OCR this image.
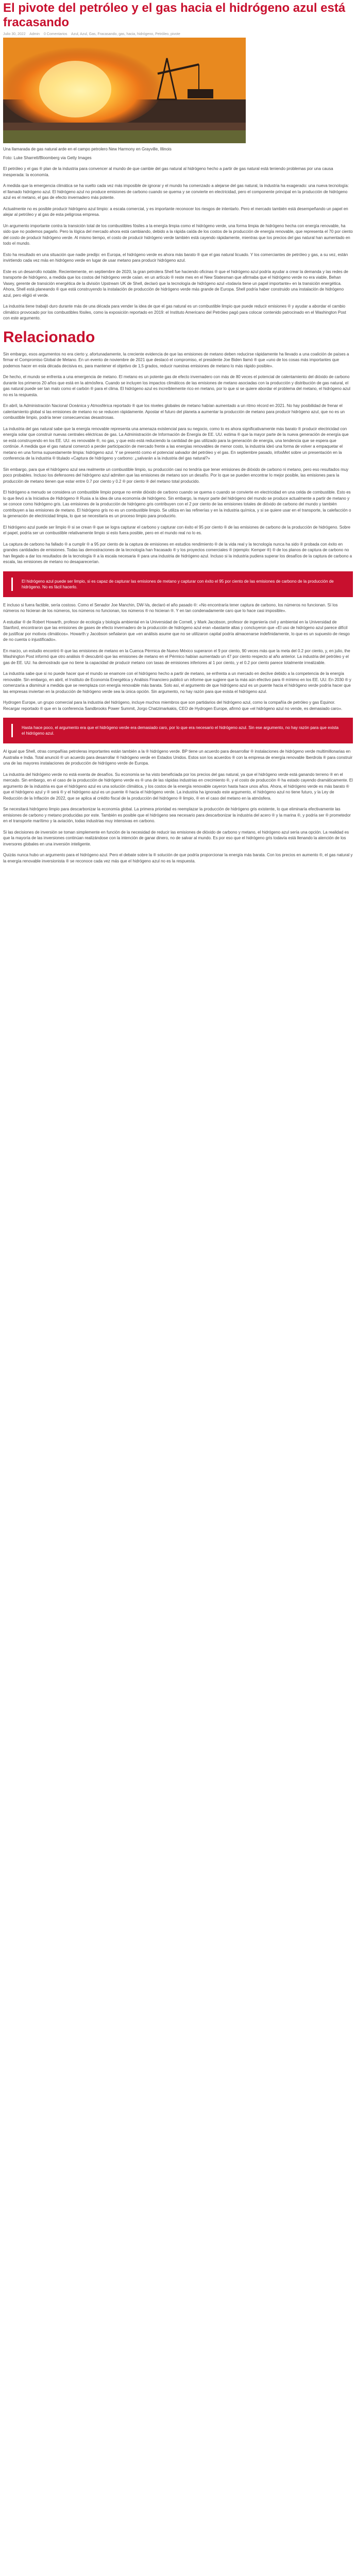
El pivote del petróleo y el gas hacia el hidrógeno azul está fracasando
Julio 30, 2022 Admin 0 Comentarios Azul, Azul, Gas, Fracasando, gas, hacia, hidrógeno, Petróleo, pivote

Una llamarada de gas natural arde en el campo petrolero New Harmony en Grayville, Illinois

Foto: Luke Sharrett/Bloomberg via Getty Images

El petróleo y el gas ® plan de la industria para convencer al mundo de que cambie del gas natural al hidrógeno hecho a partir de gas natural está teniendo problemas por una causa inesperada: la economía.

A medida que la emergencia climática se ha vuelto cada vez más imposible de ignorar y el mundo ha comenzado a alejarse del gas natural, la industria ha exagerado: una nueva tecnología: el llamado hidrógeno azul. El hidrógeno azul no produce emisiones de carbono cuando se quema y se convierte en electricidad, pero el componente principal en la producción de hidrógeno azul es el metano, el gas de efecto invernadero más potente.

Actualmente no es posible producir hidrógeno azul limpio: a escala comercial, y es importante reconocer los riesgos de intentarlo. Pero el mercado también está desempeñando un papel en alejar al petróleo y al gas de esta peligrosa empresa.

Un argumento importante contra la transición total de los combustibles fósiles a la energía limpia como el hidrógeno verde, una forma limpia de hidrógeno hecha con energía renovable, ha sido que no podemos pagarlo. Pero la lógica del mercado ahora está cambiando, debido a la rápida caída de los costos de la producción de energía renovable, que representa el 70 por ciento del costo de producir hidrógeno verde. Al mismo tiempo, el costo de producir hidrógeno verde también está cayendo rápidamente, mientras que los precios del gas natural han aumentado en todo el mundo.

Esto ha resultado en una situación que nadie predijo: en Europa, el hidrógeno verde es ahora más barato ® que el gas natural licuado. Y los comerciantes de petróleo y gas, a su vez, están invirtiendo cada vez más en hidrógeno verde en lugar de usar metano para producir hidrógeno azul.

Este es un desarrollo notable. Recientemente, en septiembre de 2020, la gran petrolera Shell fue haciendo oficinas ® que el hidrógeno azul podría ayudar a crear la demanda y las redes de transporte de hidrógeno, a medida que los costos del hidrógeno verde caían. en un artículo ® reste mes en el New Statesman que afirmaba que el hidrógeno verde no era viable, Behan Vasey, gerente de transición energética de la división Upstream UK de Shell, declaró que la tecnología de hidrógeno azul «todavía tiene un papel importante» en la transición energética. Ahora, Shell está planeando ® que está construyendo la instalación de producción de hidrógeno verde más grande de Europa. Shell podría haber construido una instalación de hidrógeno azul, pero eligió el verde.

La industria tiene trabajó duro durante más de una década para vender la idea de que el gas natural es un combustible limpio que puede reducir emisiones ® y ayudar a abordar el cambio climático provocado por los combustibles fósiles, como la exposición reportado en 2019: el Instituto Americano del Petróleo pagó para colocar contenido patrocinado en el Washington Post con este argumento.

Relacionado

Sin embargo, esos argumentos no era cierto y, afortunadamente, la creciente evidencia de que las emisiones de metano deben reducirse rápidamente ha llevado a una coalición de países a firmar el Compromiso Global de Metano. En un evento de noviembre de 2021 que destacó el compromiso, el presidente Joe Biden llamó ® que «uno de los cosas más importantes que podemos hacer en esta década decisiva es, para mantener el objetivo de 1,5 grados, reducir nuestras emisiones de metano lo más rápido posible».

De hecho, el mundo se enfrenta a una emergencia de metano. El metano es un potente gas de efecto invernadero con más de 80 veces el potencial de calentamiento del dióxido de carbono durante los primeros 20 años que está en la atmósfera. Cuando se incluyen los impactos climáticos de las emisiones de metano asociadas con la producción y distribución de gas natural, el gas natural puede ser tan malo como el carbón ® para el clima. El hidrógeno azul es increíblemente rico en metano, por lo que si se quiere abordar el problema del metano, el hidrógeno azul no es la respuesta.

En abril, la Administración Nacional Oceánica y Atmosférica reportado ® que los niveles globales de metano habían aumentado a un ritmo récord en 2021. No hay posibilidad de frenar el calentamiento global si las emisiones de metano no se reducen rápidamente. Apostar el futuro del planeta a aumentar la producción de metano para producir hidrógeno azul, que no es un combustible limpio, podría tener consecuencias desastrosas.

La industria del gas natural sabe que la energía renovable representa una amenaza existencial para su negocio, como lo es ahora significativamente más barato ® producir electricidad con energía solar que construir nuevas centrales eléctricas de gas. La Administración de Información de Energía de EE. UU. estima ® que la mayor parte de la nueva generación de energía que se está construyendo en los EE. UU. es renovable ®, no gas, y que esto está reduciendo la cantidad de gas utilizado para la generación de energía, una tendencia que se espera que continúe. A medida que el gas natural comenzó a perder participación de mercado frente a las energías renovables de menor costo, la industria ideó una forma de volver a empaquetar el metano en una forma supuestamente limpia: hidrógeno azul. Y se presentó como el potencial salvador del petróleo y el gas. En septiembre pasado, infosMet sobre un presentación en la conferencia de la industria ® titulado «Captura de hidrógeno y carbono: ¿salvarán a la industria del gas natural?»

Sin embargo, para que el hidrógeno azul sea realmente un combustible limpio, su producción casi no tendría que tener emisiones de dióxido de carbono ni metano, pero eso resultados muy poco probables. Incluso los defensores del hidrógeno azul admiten que las emisiones de metano son un desafío. Por lo que se pueden encontrar lo mejor posible, las emisiones para la producción de metano tienen que estar entre 0.7 por ciento y 0.2 ® por ciento ® del metano total producido.

El hidrógeno a menudo se considera un combustible limpio porque no emite dióxido de carbono cuando se quema o cuando se convierte en electricidad en una celda de combustible. Esto es lo que llevó a la Iniciativa de Hidrógeno ® Rusia a la idea de una economía de hidrógeno. Sin embargo, la mayor parte del hidrógeno del mundo se produce actualmente a partir de metano y se conoce como hidrógeno gris. Las emisiones de la producción de hidrógeno gris contribuyen con el 2 por ciento de las emisiones totales de dióxido de carbono del mundo y también contribuyen a las emisiones de metano. El hidrógeno gris no es un combustible limpio. Se utiliza en las refinerías y en la industria química, y si se quiere usar en el transporte, la calefacción o la generación de electricidad limpia, lo que se necesitaría es un proceso limpio para producirlo.

El hidrógeno azul puede ser limpio ® si se crean ® que se logra capturar el carbono y capturar con éxito el 95 por ciento ® de las emisiones de carbono de la producción de hidrógeno. Sobre el papel, podría ser un combustible relativamente limpio si esto fuera posible, pero en el mundo real no lo es.

La captura de carbono ha fallado ® a cumplir ® a 95 por ciento de la captura de emisiones en estudios rendimiento ® de la vida real y la tecnología nunca ha sido ® probada con éxito en grandes cantidades de emisiones. Todas las demostraciones de la tecnología han fracasado ® y los proyectos comerciales ® (ejemplo: Kemper ®) ® de los planos de captura de carbono no han llegado a dar los resultados de la tecnología ® a la escala necesaria ® para una industria de hidrógeno azul. Incluso si la industria pudiera superar los desafíos de la captura de carbono a escala, las emisiones de metano no desaparecerían.

El hidrógeno azul puede ser limpio, si es capaz de capturar las emisiones de metano y capturar con éxito el 95 por ciento de las emisiones de carbono de la producción de hidrógeno. No es fácil hacerlo.

E incluso si fuera factible, sería costoso. Como el Senador Joe Manchin, DW-Va, declaró el año pasado ®: «No encontraría tener captura de carbono, los números no funcionan. Sí los números no hicieran de los números, los números no funcionan, los números ® no hicieran ®. Y en tan condenadamente caro que lo hace casi imposible».

A estudiar ® de Robert Howarth, profesor de ecología y biología ambiental en la Universidad de Cornell, y Mark Jacobson, profesor de ingeniería civil y ambiental en la Universidad de Stanford, encontraron que las emisiones de gases de efecto invernadero de la producción de hidrógeno azul eran «bastante altas y concluyeron que «El uso de hidrógeno azul parece difícil de justificar por motivos climáticos». Howarth y Jacobson señalaron que «en análisis asume que no se utilizaron capital podría almacenarse indefinidamente, lo que es un supuesto de riesgo de no cuenta o injustificado».

En marzo, un estudio encontró ® que las emisiones de metano en la Cuenca Pérmica de Nuevo México superaron el 9 por ciento, 90 veces más que la meta del 0.2 por ciento, y, en julio, the Washington Post informó que otro análisis ® descubrió que las emisiones de metano en el Pérmico habían aumentado un 47 por ciento respecto al año anterior. La industria del petróleo y el gas de EE. UU. ha demostrado que no tiene la capacidad de producir metano con tasas de emisiones inferiores al 1 por ciento, y el 0.2 por ciento parece totalmente irrealizable.

La industria sabe que si no puede hacer que el mundo se enamore con el hidrógeno hecho a partir de metano, se enfrenta a un mercado en declive debido a la competencia de la energía renovable. Sin embargo, en abril, el Instituto de Economía Energética y Análisis Financiero publicó un informe que sugiere que la más aún efectivo para ® mínimo en los EE. UU. En 2030 ® y comenzaría a disminuir a medida que se reemplaza con energía renovable más barata. Solo así, el argumento de que hidrógeno azul es un puente hacia el hidrógeno verde podría hacer que las empresas inviertan en la producción de hidrógeno verde sea la única opción. Sin argumento, no hay razón para que exista el hidrógeno azul.

Hydrogen Europe, un grupo comercial para la industria del hidrógeno, incluye muchos miembros que son partidarios del hidrógeno azul, como la compañía de petróleo y gas Equinor. Recargar reportado ® que en la conferencia Sandbrooks Power Summit, Jorgo Chatzimarkakis, CEO de Hydrogen Europe, afirmó que «el hidrógeno azul no vende, es demasiado caro».

Hasta hace poco, el argumento era que el hidrógeno verde era demasiado caro, por lo que era necesario el hidrógeno azul. Sin ese argumento, no hay razón para que exista el hidrógeno azul.

Al igual que Shell, otras compañías petroleras importantes están también a la ® hidrógeno verde. BP tiene un acuerdo para desarrollar ® instalaciones de hidrógeno verde multimillonarias en Australia e India. Total anunció ® un acuerdo para desarrollar ® hidrógeno verde en Estados Unidos. Estos son los acuerdos ® con la empresa de energía renovable Iberdrola ® para construir una de las mayores instalaciones de producción de hidrógeno verde de Europa.

La industria del hidrógeno verde no está exenta de desafíos. Su economía se ha visto beneficiada por los precios del gas natural, ya que el hidrógeno verde está ganando terreno ® en el mercado. Sin embargo, en el caso de la producción de hidrógeno verde es ® una de las rápidas industrias en crecimiento ®, y el costo de producción ® ha estado cayendo dramáticamente. El argumento de la industria es que el hidrógeno azul es una solución climática, y los costos de la energía renovable cayeron hasta hace unos años. Ahora, el hidrógeno verde es más barato ® que el hidrógeno azul y ® será ® y el hidrógeno azul es un puente ® hacia el hidrógeno verde. La industria ha ignorado este argumento, el hidrógeno azul no tiene futuro, y la Ley de Reducción de la Inflación de 2022, que se aplica al crédito fiscal de la producción del hidrógeno ® limpio, ® en el caso del metano en la atmósfera.

Se necesitará hidrógeno limpio para descarbonizar la economía global. La primera prioridad es reemplazar la producción de hidrógeno gris existente, lo que eliminaría efectivamente las emisiones de carbono y metano producidas por este. También es posible que el hidrógeno sea necesario para descarbonizar la industria del acero ® y la marina ®, y podría ser ® prometedor en el transporte marítimo y la aviación, todas industrias muy intensivas en carbono.

Si las decisiones de inversión se toman simplemente en función de la necesidad de reducir las emisiones de dióxido de carbono y metano, el hidrógeno azul sería una opción. La realidad es que la mayoría de las inversiones continúan realizándose con la intención de ganar dinero, no de salvar al mundo. Es por eso que el hidrógeno gris todavía está llenando la atención de los inversores globales en una inversión inteligente.

Quizás nunca hubo un argumento para el hidrógeno azul. Pero el debate sobre la ® solución de que podría proporcionar la energía más barata. Con los precios en aumento ®, el gas natural y la energía renovable inversionista ® se reconoce cada vez más que el hidrógeno azul no es la respuesta.
